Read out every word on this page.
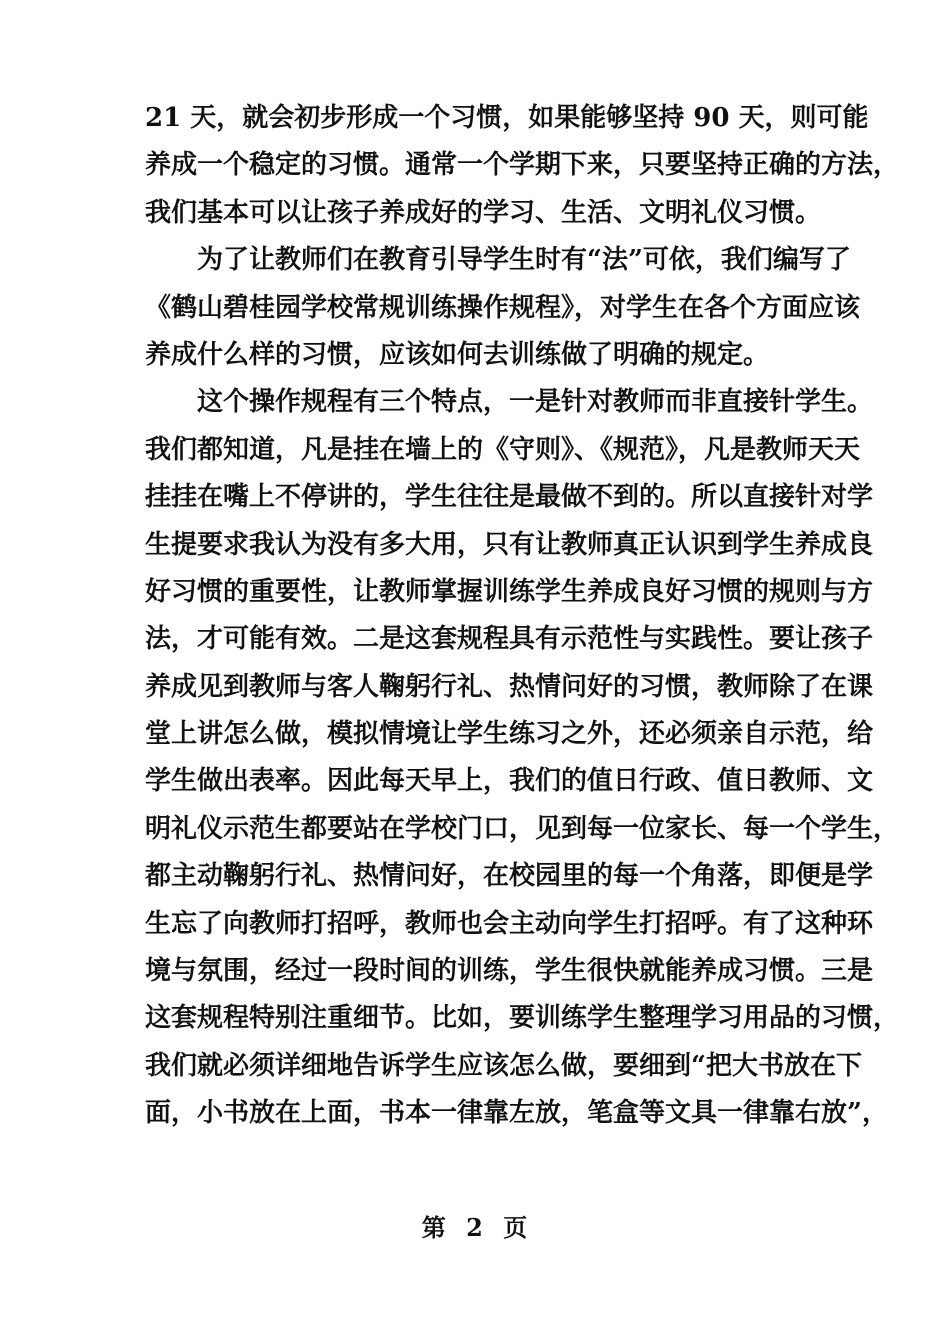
21 天，就会初步形成一个习惯，如果能够坚持 90 天，则可能
养成一个稳定的习惯。通常一个学期下来，只要坚持正确的方法，
我们基本可以让孩子养成好的学习、生活、文明礼仪习惯。
为了让教师们在教育引导学生时有“法”可依，我们编写了
《鹤山碧桂园学校常规训练操作规程》，对学生在各个方面应该
养成什么样的习惯，应该如何去训练做了明确的规定。
这个操作规程有三个特点，一是针对教师而非直接针学生。
我们都知道，凡是挂在墙上的《守则》、《规范》，凡是教师天天
挂挂在嘴上不停讲的，学生往往是最做不到的。所以直接针对学
生提要求我认为没有多大用，只有让教师真正认识到学生养成良
好习惯的重要性，让教师掌握训练学生养成良好习惯的规则与方
法，才可能有效。二是这套规程具有示范性与实践性。要让孩子
养成见到教师与客人鞠躬行礼、热情问好的习惯，教师除了在课
堂上讲怎么做，模拟情境让学生练习之外，还必须亲自示范，给
学生做出表率。因此每天早上，我们的值日行政、值日教师、文
明礼仪示范生都要站在学校门口，见到每一位家长、每一个学生，
都主动鞠躬行礼、热情问好，在校园里的每一个角落，即便是学
生忘了向教师打招呼，教师也会主动向学生打招呼。有了这种环
境与氛围，经过一段时间的训练，学生很快就能养成习惯。三是
这套规程特别注重细节。比如，要训练学生整理学习用品的习惯，
我们就必须详细地告诉学生应该怎么做，要细到“把大书放在下
面，小书放在上面，书本一律靠左放，笔盒等文具一律靠右放”，
第 2 页
